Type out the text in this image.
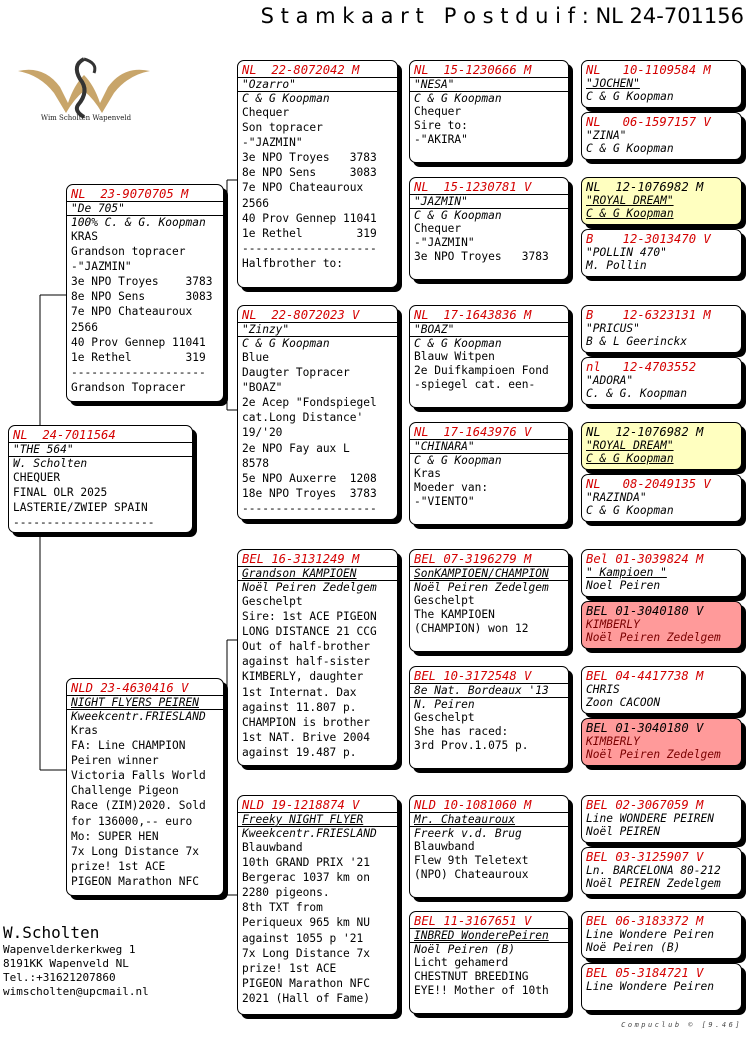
S t a m k a a r t   P o s t d u i f : NL 24-701156
Wim Scholten Wapenveld
NL  24-7011564
"THE 564"
W. Scholten
CHEQUER
FINAL OLR 2025
LASTERIE/ZWIEP SPAIN
---------------------
NL  23-9070705 M
"De 705"
100% C. & G. Koopman
KRAS
Grandson topracer
-"JAZMIN"
3e NPO Troyes    3783
8e NPO Sens      3083
7e NPO Chateauroux
2566
40 Prov Gennep 11041
1e Rethel        319
--------------------
Grandson Topracer
NLD 23-4630416 V
NIGHT FLYERS PEIREN
Kweekcentr.FRIESLAND
Kras
FA: Line CHAMPION
Peiren winner
Victoria Falls World
Challenge Pigeon
Race (ZIM)2020. Sold
for 136000,-- euro
Mo: SUPER HEN
7x Long Distance 7x
prize! 1st ACE
PIGEON Marathon NFC
NL  22-8072042 M
"Ozarro"
C & G Koopman
Chequer
Son topracer
-"JAZMIN"
3e NPO Troyes   3783
8e NPO Sens     3083
7e NPO Chateauroux
2566
40 Prov Gennep 11041
1e Rethel        319
--------------------
Halfbrother to:
NL  22-8072023 V
"Zinzy"
C & G Koopman
Blue
Daugter Topracer
"BOAZ"
2e Acep "Fondspiegel
cat.Long Distance'
19/'20
2e NPO Fay aux L
8578
5e NPO Auxerre  1208
18e NPO Troyes  3783
--------------------
BEL 16-3131249 M
Grandson KAMPIOEN
Noël Peiren Zedelgem
Geschelpt
Sire: 1st ACE PIGEON
LONG DISTANCE 21 CCG
Out of half-brother
against half-sister
KIMBERLY, daughter
1st Internat. Dax
against 11.807 p.
CHAMPION is brother
1st NAT. Brive 2004
against 19.487 p.
NLD 19-1218874 V
Freeky NIGHT FLYER
Kweekcentr.FRIESLAND
Blauwband
10th GRAND PRIX '21
Bergerac 1037 km on
2280 pigeons.
8th TXT from
Periqueux 965 km NU
against 1055 p '21
7x Long Distance 7x
prize! 1st ACE
PIGEON Marathon NFC
2021 (Hall of Fame)
NL  15-1230666 M
"NESA"
C & G Koopman
Chequer
Sire to:
-"AKIRA"
NL  15-1230781 V
"JAZMIN"
C & G Koopman
Chequer
-"JAZMIN"
3e NPO Troyes   3783
NL  17-1643836 M
"BOAZ"
C & G Koopman
Blauw Witpen
2e Duifkampioen Fond
-spiegel cat. een-
NL  17-1643976 V
"CHINARA"
C & G Koopman
Kras
Moeder van:
-"VIENTO"
BEL 07-3196279 M
SonKAMPIOEN/CHAMPION
Noël Peiren Zedelgem
Geschelpt
The KAMPIOEN
(CHAMPION) won 12
BEL 10-3172548 V
8e Nat. Bordeaux '13
N. Peiren
Geschelpt
She has raced:
3rd Prov.1.075 p.
NLD 10-1081060 M
Mr. Chateauroux
Freerk v.d. Brug
Blauwband
Flew 9th Teletext
(NPO) Chateauroux
BEL 11-3167651 V
INBRED WonderePeiren
Noël Peiren (B)
Licht gehamerd
CHESTNUT BREEDING
EYE!! Mother of 10th
NL   10-1109584 M
"JOCHEN"
C & G Koopman
NL   06-1597157 V
"ZINA"
C & G Koopman
NL  12-1076982 M
"ROYAL DREAM"
C & G Koopman
B    12-3013470 V
"POLLIN 470"
M. Pollin
B    12-6323131 M
"PRICUS"
B & L Geerinckx
nl   12-4703552
"ADORA"
C. & G. Koopman
NL  12-1076982 M
"ROYAL DREAM"
C & G Koopman
NL   08-2049135 V
"RAZINDA"
C & G Koopman
Bel 01-3039824 M
" Kampioen "
Noel Peiren
BEL 01-3040180 V
KIMBERLY
Noël Peiren Zedelgem
BEL 04-4417738 M
CHRIS
Zoon CACOON
BEL 01-3040180 V
KIMBERLY
Noël Peiren Zedelgem
BEL 02-3067059 M
Line WONDERE PEIREN
Noël PEIREN
BEL 03-3125907 V
Ln. BARCELONA 80-212
Noël PEIREN Zedelgem
BEL 06-3183372 M
Line Wondere Peiren
Noë Peiren (B)
BEL 05-3184721 V
Line Wondere Peiren
W.Scholten
Wapenvelderkerkweg 1
8191KK Wapenveld NL
Tel.:+31621207860
wimscholten@upcmail.nl
Compuclub © [9.46]
